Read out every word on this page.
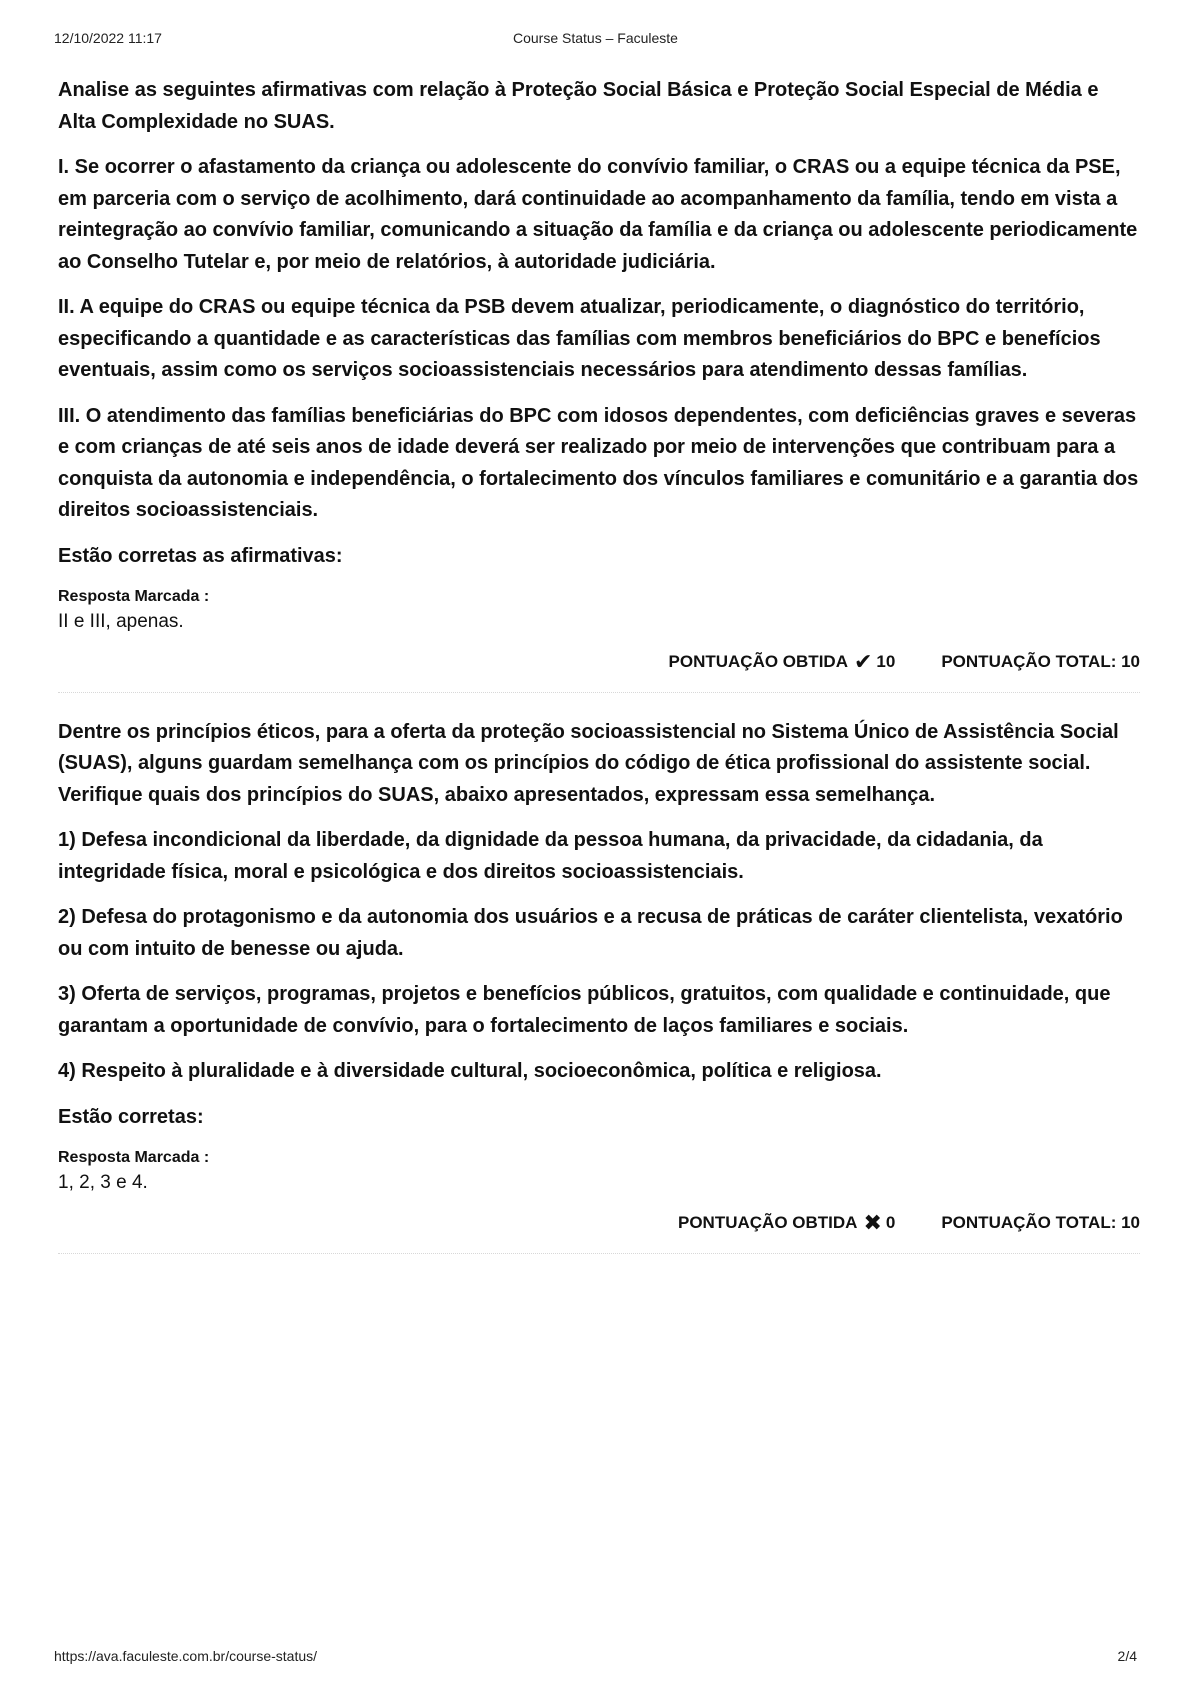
12/10/2022 11:17	Course Status – Faculeste

Analise as seguintes afirmativas com relação à Proteção Social Básica e Proteção Social Especial de Média e Alta Complexidade no SUAS.

I. Se ocorrer o afastamento da criança ou adolescente do convívio familiar, o CRAS ou a equipe técnica da PSE, em parceria com o serviço de acolhimento, dará continuidade ao acompanhamento da família, tendo em vista a reintegração ao convívio familiar, comunicando a situação da família e da criança ou adolescente periodicamente ao Conselho Tutelar e, por meio de relatórios, à autoridade judiciária.

II. A equipe do CRAS ou equipe técnica da PSB devem atualizar, periodicamente, o diagnóstico do território, especificando a quantidade e as características das famílias com membros beneficiários do BPC e benefícios eventuais, assim como os serviços socioassistenciais necessários para atendimento dessas famílias.

III. O atendimento das famílias beneficiárias do BPC com idosos dependentes, com deficiências graves e severas e com crianças de até seis anos de idade deverá ser realizado por meio de intervenções que contribuam para a conquista da autonomia e independência, o fortalecimento dos vínculos familiares e comunitário e a garantia dos direitos socioassistenciais.

Estão corretas as afirmativas:

Resposta Marcada :
II e III, apenas.
PONTUAÇÃO OBTIDA ✔ 10	PONTUAÇÃO TOTAL: 10

Dentre os princípios éticos, para a oferta da proteção socioassistencial no Sistema Único de Assistência Social (SUAS), alguns guardam semelhança com os princípios do código de ética profissional do assistente social. Verifique quais dos princípios do SUAS, abaixo apresentados, expressam essa semelhança.

1) Defesa incondicional da liberdade, da dignidade da pessoa humana, da privacidade, da cidadania, da integridade física, moral e psicológica e dos direitos socioassistenciais.

2) Defesa do protagonismo e da autonomia dos usuários e a recusa de práticas de caráter clientelista, vexatório ou com intuito de benesse ou ajuda.

3) Oferta de serviços, programas, projetos e benefícios públicos, gratuitos, com qualidade e continuidade, que garantam a oportunidade de convívio, para o fortalecimento de laços familiares e sociais.

4) Respeito à pluralidade e à diversidade cultural, socioeconômica, política e religiosa.

Estão corretas:

Resposta Marcada :
1, 2, 3 e 4.
PONTUAÇÃO OBTIDA ✖ 0	PONTUAÇÃO TOTAL: 10
https://ava.faculeste.com.br/course-status/	2/4
